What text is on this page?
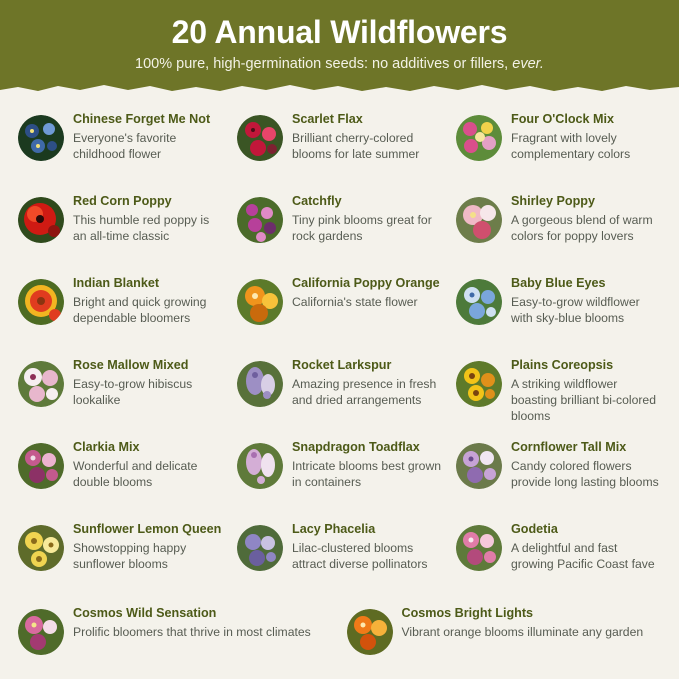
20 Annual Wildflowers
100% pure, high-germination seeds: no additives or fillers, ever.
Chinese Forget Me Not
Everyone's favorite childhood flower
Scarlet Flax
Brilliant cherry-colored blooms for late summer
Four O'Clock Mix
Fragrant with lovely complementary colors
Red Corn Poppy
This humble red poppy is an all-time classic
Catchfly
Tiny pink blooms great for rock gardens
Shirley Poppy
A gorgeous blend of warm colors for poppy lovers
Indian Blanket
Bright and quick growing dependable bloomers
California Poppy Orange
California's state flower
Baby Blue Eyes
Easy-to-grow wildflower with sky-blue blooms
Rose Mallow Mixed
Easy-to-grow hibiscus lookalike
Rocket Larkspur
Amazing presence in fresh and dried arrangements
Plains Coreopsis
A striking wildflower boasting brilliant bi-colored blooms
Clarkia Mix
Wonderful and delicate double blooms
Snapdragon Toadflax
Intricate blooms best grown in containers
Cornflower Tall Mix
Candy colored flowers provide long lasting blooms
Sunflower Lemon Queen
Showstopping happy sunflower blooms
Lacy Phacelia
Lilac-clustered blooms attract diverse pollinators
Godetia
A delightful and fast growing Pacific Coast fave
Cosmos Wild Sensation
Prolific bloomers that thrive in most climates
Cosmos Bright Lights
Vibrant orange blooms illuminate any garden
